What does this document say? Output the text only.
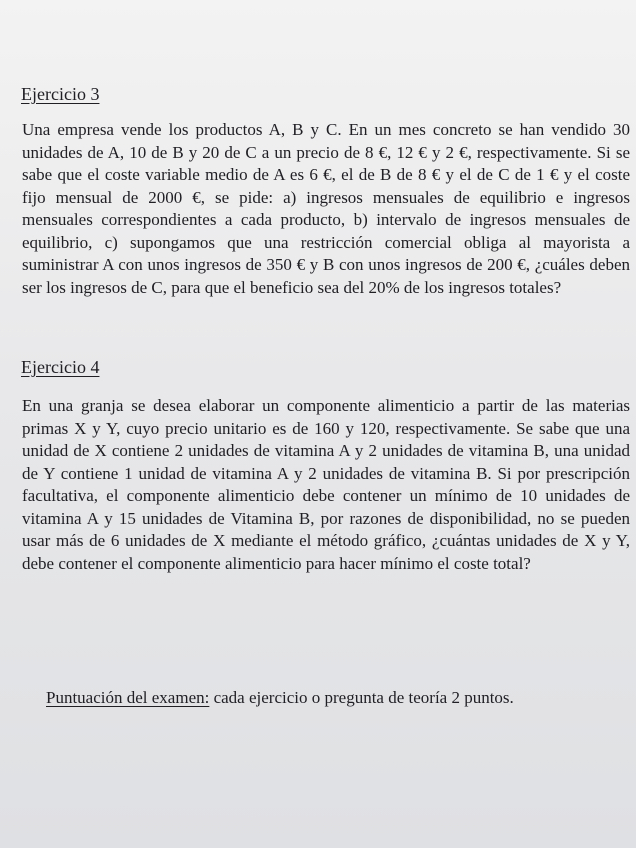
Ejercicio 3

Una empresa vende los productos A, B y C. En un mes concreto se han vendido 30 unidades de A, 10 de B y 20 de C a un precio de 8 €, 12 € y 2 €, respectivamente. Si se sabe que el coste variable medio de A es 6 €, el de B de 8 € y el de C de 1 € y el coste fijo mensual de 2000 €, se pide: a) ingresos mensuales de equilibrio e ingresos mensuales correspondientes a cada producto, b) intervalo de ingresos mensuales de equilibrio, c) supongamos que una restricción comercial obliga al mayorista a suministrar A con unos ingresos de 350 € y B con unos ingresos de 200 €, ¿cuáles deben ser los ingresos de C, para que el beneficio sea del 20% de los ingresos totales?

Ejercicio 4

En una granja se desea elaborar un componente alimenticio a partir de las materias primas X y Y, cuyo precio unitario es de 160 y 120, respectivamente. Se sabe que una unidad de X contiene 2 unidades de vitamina A y 2 unidades de vitamina B, una unidad de Y contiene 1 unidad de vitamina A y 2 unidades de vitamina B. Si por prescripción facultativa, el componente alimenticio debe contener un mínimo de 10 unidades de vitamina A y 15 unidades de Vitamina B, por razones de disponibilidad, no se pueden usar más de 6 unidades de X mediante el método gráfico, ¿cuántas unidades de X y Y, debe contener el componente alimenticio para hacer mínimo el coste total?

Puntuación del examen: cada ejercicio o pregunta de teoría 2 puntos.
